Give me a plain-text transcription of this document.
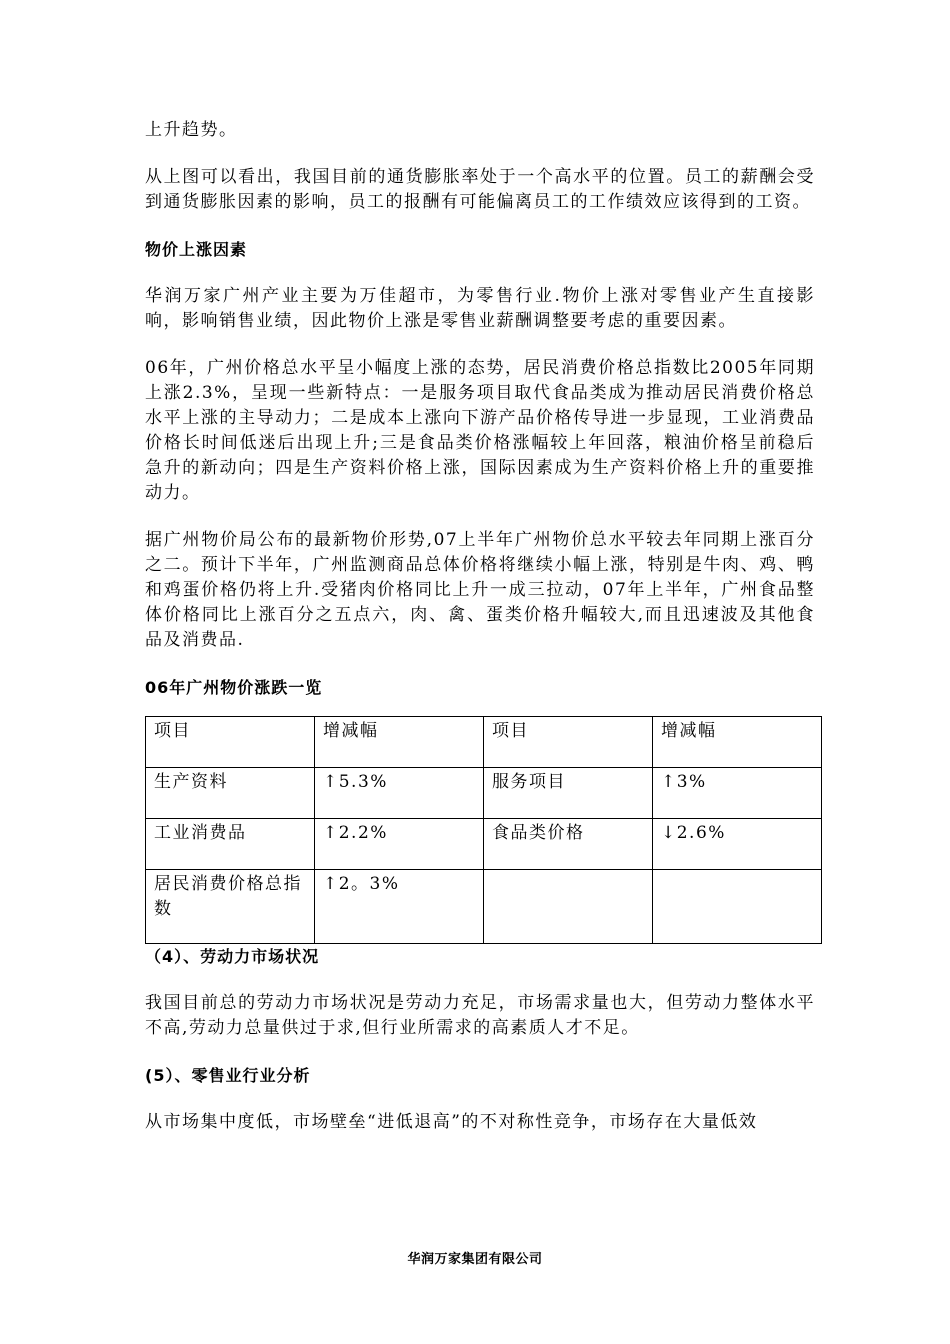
上升趋势。

从上图可以看出，我国目前的通货膨胀率处于一个高水平的位置。员工的薪酬会受到通货膨胀因素的影响，员工的报酬有可能偏离员工的工作绩效应该得到的工资。

物价上涨因素

华润万家广州产业主要为万佳超市，为零售行业.物价上涨对零售业产生直接影响，影响销售业绩，因此物价上涨是零售业薪酬调整要考虑的重要因素。

06年，广州价格总水平呈小幅度上涨的态势，居民消费价格总指数比2005年同期上涨2.3%，呈现一些新特点：一是服务项目取代食品类成为推动居民消费价格总水平上涨的主导动力；二是成本上涨向下游产品价格传导进一步显现，工业消费品价格长时间低迷后出现上升;三是食品类价格涨幅较上年回落，粮油价格呈前稳后急升的新动向；四是生产资料价格上涨，国际因素成为生产资料价格上升的重要推动力。

据广州物价局公布的最新物价形势,07上半年广州物价总水平较去年同期上涨百分之二。预计下半年，广州监测商品总体价格将继续小幅上涨，特别是牛肉、鸡、鸭和鸡蛋价格仍将上升.受猪肉价格同比上升一成三拉动，07年上半年，广州食品整体价格同比上涨百分之五点六，肉、禽、蛋类价格升幅较大,而且迅速波及其他食品及消费品.

06年广州物价涨跌一览
项目	增减幅	项目	增减幅
生产资料	↑5.3%	服务项目	↑3%
工业消费品	↑2.2%	食品类价格	↓2.6%
居民消费价格总指数	↑2。3%		
（4）、劳动力市场状况

我国目前总的劳动力市场状况是劳动力充足，市场需求量也大，但劳动力整体水平不高,劳动力总量供过于求,但行业所需求的高素质人才不足。

(5）、零售业行业分析

从市场集中度低，市场壁垒“进低退高”的不对称性竞争，市场存在大量低效

华润万家集团有限公司
